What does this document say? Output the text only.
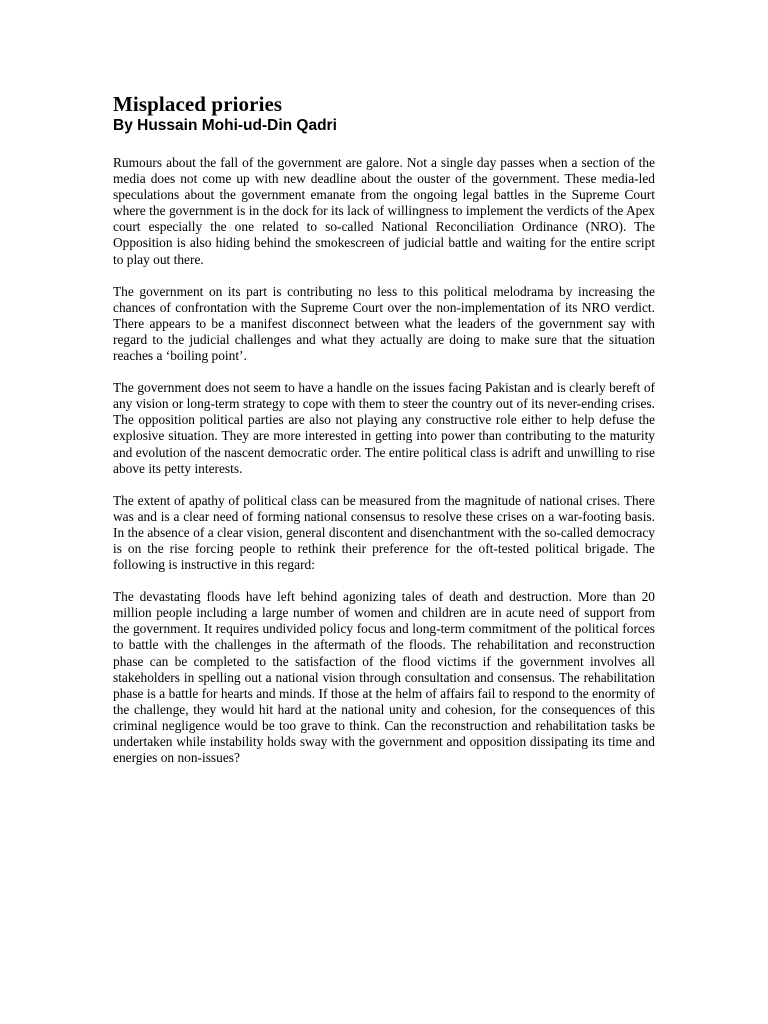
Misplaced priories
By Hussain Mohi-ud-Din Qadri

Rumours about the fall of the government are galore. Not a single day passes when a section of the media does not come up with new deadline about the ouster of the government. These media-led speculations about the government emanate from the ongoing legal battles in the Supreme Court where the government is in the dock for its lack of willingness to implement the verdicts of the Apex court especially the one related to so-called National Reconciliation Ordinance (NRO). The Opposition is also hiding behind the smokescreen of judicial battle and waiting for the entire script to play out there.

The government on its part is contributing no less to this political melodrama by increasing the chances of confrontation with the Supreme Court over the non-implementation of its NRO verdict. There appears to be a manifest disconnect between what the leaders of the government say with regard to the judicial challenges and what they actually are doing to make sure that the situation reaches a ‘boiling point’.

The government does not seem to have a handle on the issues facing Pakistan and is clearly bereft of any vision or long-term strategy to cope with them to steer the country out of its never-ending crises. The opposition political parties are also not playing any constructive role either to help defuse the explosive situation. They are more interested in getting into power than contributing to the maturity and evolution of the nascent democratic order. The entire political class is adrift and unwilling to rise above its petty interests.

The extent of apathy of political class can be measured from the magnitude of national crises. There was and is a clear need of forming national consensus to resolve these crises on a war-footing basis. In the absence of a clear vision, general discontent and disenchantment with the so-called democracy is on the rise forcing people to rethink their preference for the oft-tested political brigade. The following is instructive in this regard:

The devastating floods have left behind agonizing tales of death and destruction. More than 20 million people including a large number of women and children are in acute need of support from the government. It requires undivided policy focus and long-term commitment of the political forces to battle with the challenges in the aftermath of the floods. The rehabilitation and reconstruction phase can be completed to the satisfaction of the flood victims if the government involves all stakeholders in spelling out a national vision through consultation and consensus. The rehabilitation phase is a battle for hearts and minds. If those at the helm of affairs fail to respond to the enormity of the challenge, they would hit hard at the national unity and cohesion, for the consequences of this criminal negligence would be too grave to think. Can the reconstruction and rehabilitation tasks be undertaken while instability holds sway with the government and opposition dissipating its time and energies on non-issues?
